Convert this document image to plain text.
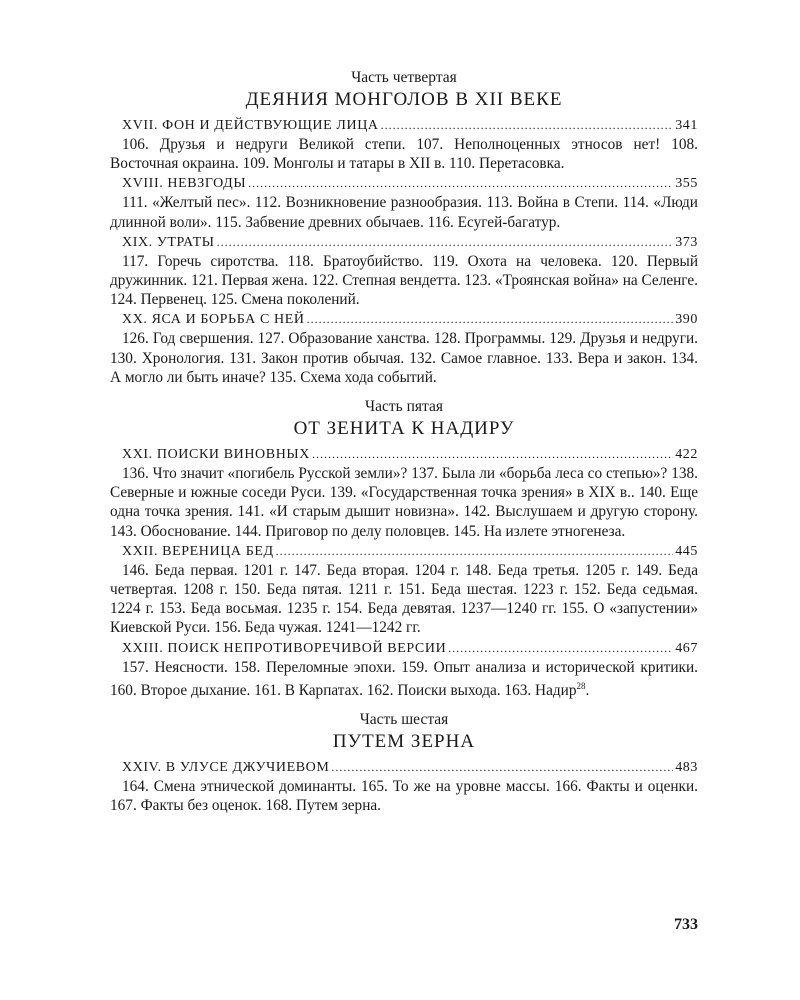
Часть четвертая

ДЕЯНИЯ МОНГОЛОВ В XII ВЕКЕ

XVII. ФОН И ДЕЙСТВУЮЩИЕ ЛИЦА .....	341

106. Друзья и недруги Великой степи. 107. Неполноценных этносов нет! 108. Восточная окраина. 109. Монголы и татары в XII в. 110. Перетасовка.

XVIII. НЕВЗГОДЫ .....	355

111. «Желтый пес». 112. Возникновение разнообразия. 113. Война в Степи. 114. «Люди длинной воли». 115. Забвение древних обычаев. 116. Есугей-багатур.

XIX. УТРАТЫ .....	373

117. Горечь сиротства. 118. Братоубийство. 119. Охота на человека. 120. Первый дружинник. 121. Первая жена. 122. Степная вендетта. 123. «Троянская война» на Селенге. 124. Первенец. 125. Смена поколений.

XX. ЯСА И БОРЬБА С НЕЙ .....	390

126. Год свершения. 127. Образование ханства. 128. Программы. 129. Друзья и недруги. 130. Хронология. 131. Закон против обычая. 132. Самое главное. 133. Вера и закон. 134. А могло ли быть иначе? 135. Схема хода событий.

Часть пятая

ОТ ЗЕНИТА К НАДИРУ

XXI. ПОИСКИ ВИНОВНЫХ .....	422

136. Что значит «погибель Русской земли»? 137. Была ли «борьба леса со степью»? 138. Северные и южные соседи Руси. 139. «Государственная точка зрения» в XIX в.. 140. Еще одна точка зрения. 141. «И старым дышит новизна». 142. Выслушаем и другую сторону. 143. Обоснование. 144. Приговор по делу половцев. 145. На излете этногенеза.

XXII. ВЕРЕНИЦА БЕД .....	445

146. Беда первая. 1201 г. 147. Беда вторая. 1204 г. 148. Беда третья. 1205 г. 149. Беда четвертая. 1208 г. 150. Беда пятая. 1211 г. 151. Беда шестая. 1223 г. 152. Беда седьмая. 1224 г. 153. Беда восьмая. 1235 г. 154. Беда девятая. 1237—1240 гг. 155. О «запустении» Киевской Руси. 156. Беда чужая. 1241—1242 гг.

XXIII. ПОИСК НЕПРОТИВОРЕЧИВОЙ ВЕРСИИ .....	467

157. Неясности. 158. Переломные эпохи. 159. Опыт анализа и исторической критики. 160. Второе дыхание. 161. В Карпатах. 162. Поиски выхода. 163. Надир$^{28}$.

Часть шестая

ПУТЕМ ЗЕРНА

XXIV. В УЛУСЕ ДЖУЧИЕВОМ .....	483

164. Смена этнической доминанты. 165. То же на уровне массы. 166. Факты и оценки. 167. Факты без оценок. 168. Путем зерна.

733
